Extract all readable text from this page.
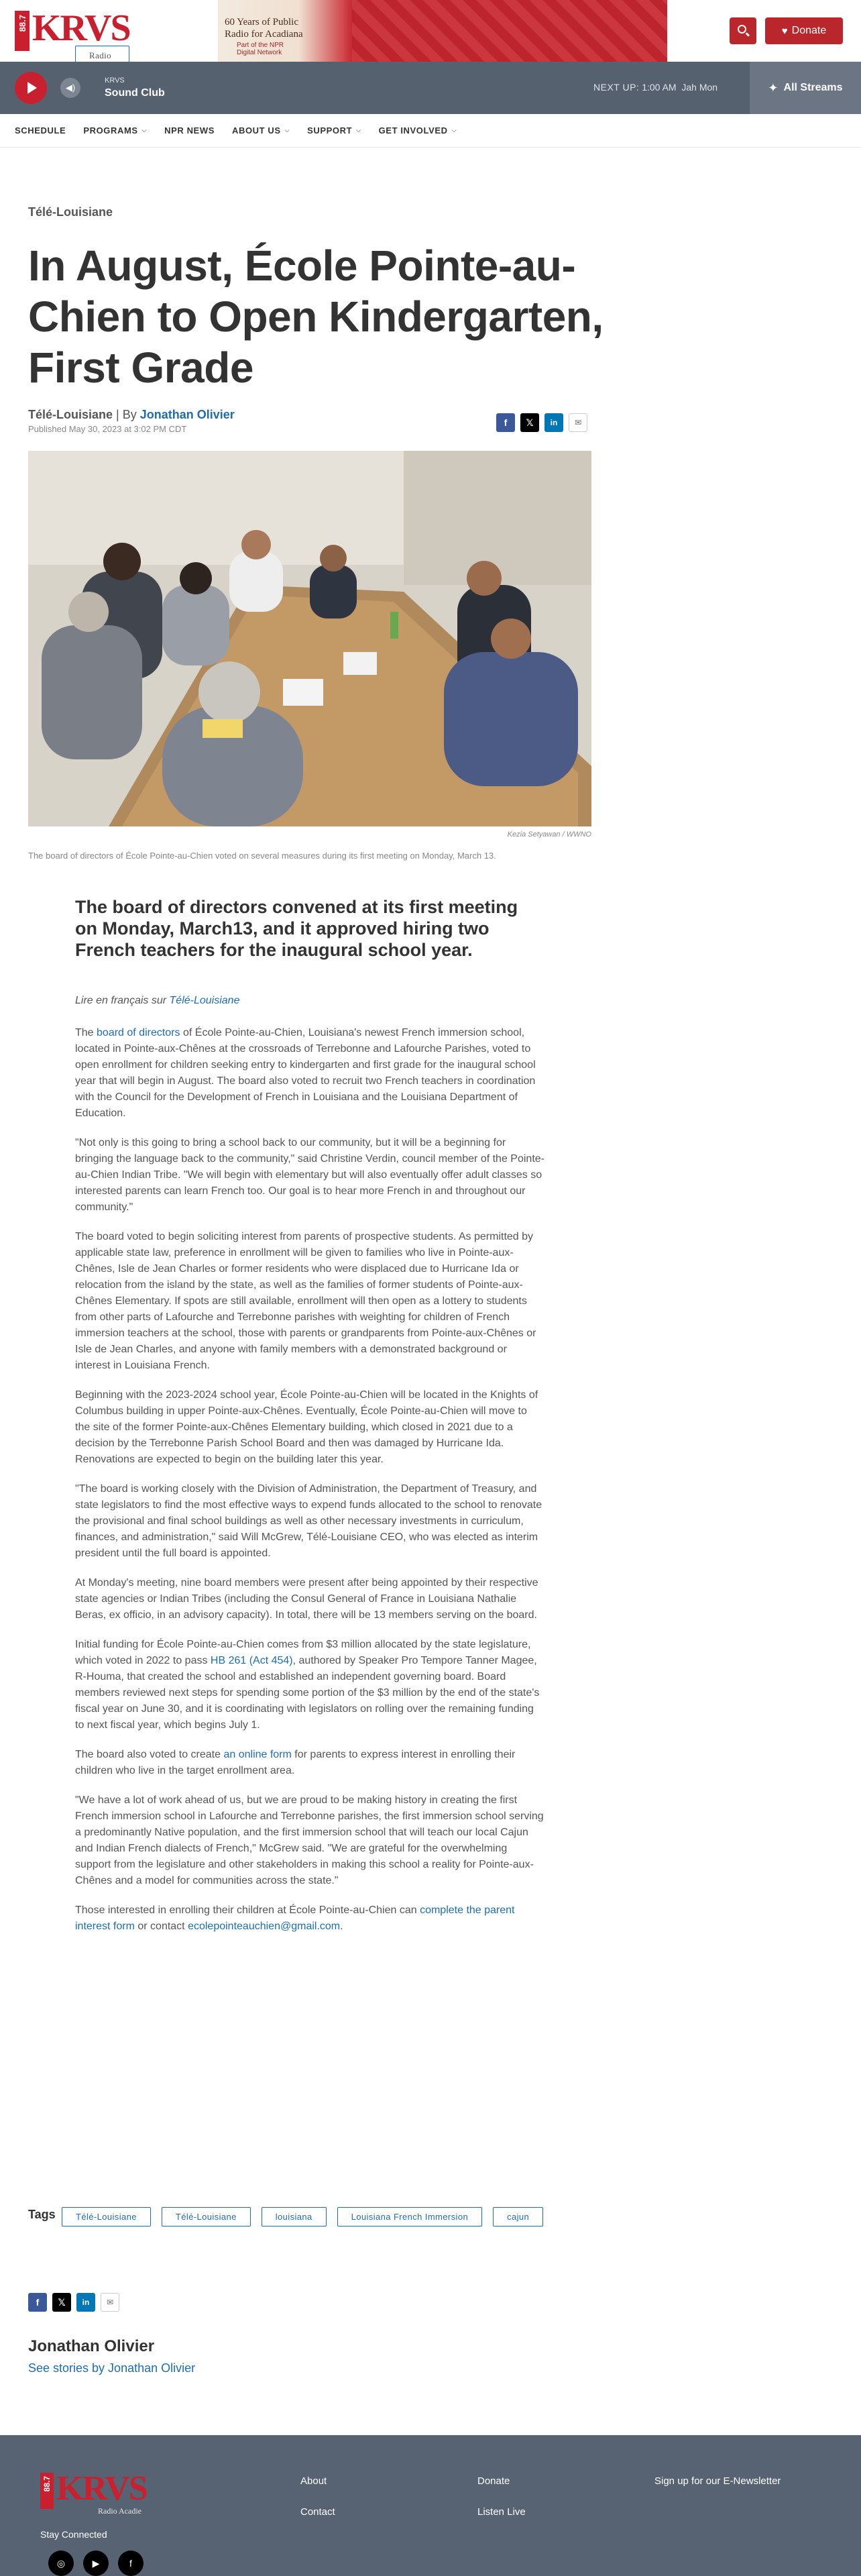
88.7 KRVS
Radio
60 Years of Public
Radio for Acadiana
Part of the NPR
Digital Network
♥ Donate
◀)
KRVS
Sound Club	NEXT UP: 1:00 AM Jah Mon	✦ All Streams
SCHEDULE PROGRAMS ⌵ NPR NEWS ABOUT US ⌵ SUPPORT ⌵ GET INVOLVED ⌵
Télé-Louisiane
In August, École Pointe-au-Chien to Open Kindergarten, First Grade
Télé-Louisiane | By Jonathan Olivier
Published May 30, 2023 at 3:02 PM CDT
f 𝕏 in ✉
Kezia Setyawan / WWNO
The board of directors of École Pointe-au-Chien voted on several measures during its first meeting on Monday, March 13.
The board of directors convened at its first meeting on Monday, March13, and it approved hiring two French teachers for the inaugural school year.

Lire en français sur Télé-Louisiane

The board of directors of École Pointe-au-Chien, Louisiana's newest French immersion school, located in Pointe-aux-Chênes at the crossroads of Terrebonne and Lafourche Parishes, voted to open enrollment for children seeking entry to kindergarten and first grade for the inaugural school year that will begin in August. The board also voted to recruit two French teachers in coordination with the Council for the Development of French in Louisiana and the Louisiana Department of Education.

"Not only is this going to bring a school back to our community, but it will be a beginning for bringing the language back to the community," said Christine Verdin, council member of the Pointe-au-Chien Indian Tribe. "We will begin with elementary but will also eventually offer adult classes so interested parents can learn French too. Our goal is to hear more French in and throughout our community."

The board voted to begin soliciting interest from parents of prospective students. As permitted by applicable state law, preference in enrollment will be given to families who live in Pointe-aux-Chênes, Isle de Jean Charles or former residents who were displaced due to Hurricane Ida or relocation from the island by the state, as well as the families of former students of Pointe-aux-Chênes Elementary. If spots are still available, enrollment will then open as a lottery to students from other parts of Lafourche and Terrebonne parishes with weighting for children of French immersion teachers at the school, those with parents or grandparents from Pointe-aux-Chênes or Isle de Jean Charles, and anyone with family members with a demonstrated background or interest in Louisiana French.

Beginning with the 2023-2024 school year, École Pointe-au-Chien will be located in the Knights of Columbus building in upper Pointe-aux-Chênes. Eventually, École Pointe-au-Chien will move to the site of the former Pointe-aux-Chênes Elementary building, which closed in 2021 due to a decision by the Terrebonne Parish School Board and then was damaged by Hurricane Ida. Renovations are expected to begin on the building later this year.

"The board is working closely with the Division of Administration, the Department of Treasury, and state legislators to find the most effective ways to expend funds allocated to the school to renovate the provisional and final school buildings as well as other necessary investments in curriculum, finances, and administration," said Will McGrew, Télé-Louisiane CEO, who was elected as interim president until the full board is appointed.

At Monday's meeting, nine board members were present after being appointed by their respective state agencies or Indian Tribes (including the Consul General of France in Louisiana Nathalie Beras, ex officio, in an advisory capacity). In total, there will be 13 members serving on the board.

Initial funding for École Pointe-au-Chien comes from $3 million allocated by the state legislature, which voted in 2022 to pass HB 261 (Act 454), authored by Speaker Pro Tempore Tanner Magee, R-Houma, that created the school and established an independent governing board. Board members reviewed next steps for spending some portion of the $3 million by the end of the state's fiscal year on June 30, and it is coordinating with legislators on rolling over the remaining funding to next fiscal year, which begins July 1.

The board also voted to create an online form for parents to express interest in enrolling their children who live in the target enrollment area.

"We have a lot of work ahead of us, but we are proud to be making history in creating the first French immersion school in Lafourche and Terrebonne parishes, the first immersion school serving a predominantly Native population, and the first immersion school that will teach our local Cajun and Indian French dialects of French," McGrew said. "We are grateful for the overwhelming support from the legislature and other stakeholders in making this school a reality for Pointe-aux-Chênes and a model for communities across the state."

Those interested in enrolling their children at École Pointe-au-Chien can complete the parent interest form or contact ecolepointeauchien@gmail.com.

Tags	Télé-Louisiane	Télé-Louisiane	louisiana	Louisiana French Immersion	cajun
f 𝕏 in ✉
Jonathan Olivier
See stories by Jonathan Olivier
88.7 KRVS
Radio Acadie
Stay Connected
◎	▶	f
About
Contact
Donate
Listen Live
Sign up for our E-Newsletter
